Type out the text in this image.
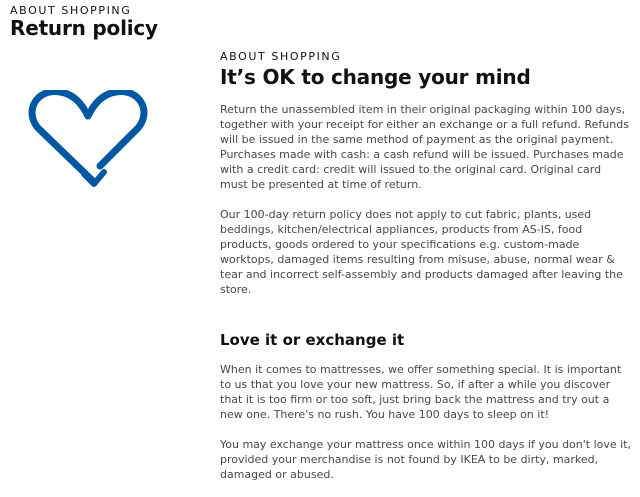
ABOUT SHOPPING

Return policy

ABOUT SHOPPING

It’s OK to change your mind

Return the unassembled item in their original packaging within 100 days, together with your receipt for either an exchange or a full refund. Refunds will be issued in the same method of payment as the original payment. Purchases made with cash: a cash refund will be issued. Purchases made with a credit card: credit will issued to the original card. Original card must be presented at time of return.

Our 100-day return policy does not apply to cut fabric, plants, used beddings, kitchen/electrical appliances, products from AS-IS, food products, goods ordered to your specifications e.g. custom-made worktops, damaged items resulting from misuse, abuse, normal wear & tear and incorrect self-assembly and products damaged after leaving the store.

Love it or exchange it

When it comes to mattresses, we offer something special. It is important to us that you love your new mattress. So, if after a while you discover that it is too firm or too soft, just bring back the mattress and try out a new one. There's no rush. You have 100 days to sleep on it!

You may exchange your mattress once within 100 days if you don't love it, provided your merchandise is not found by IKEA to be dirty, marked, damaged or abused.
